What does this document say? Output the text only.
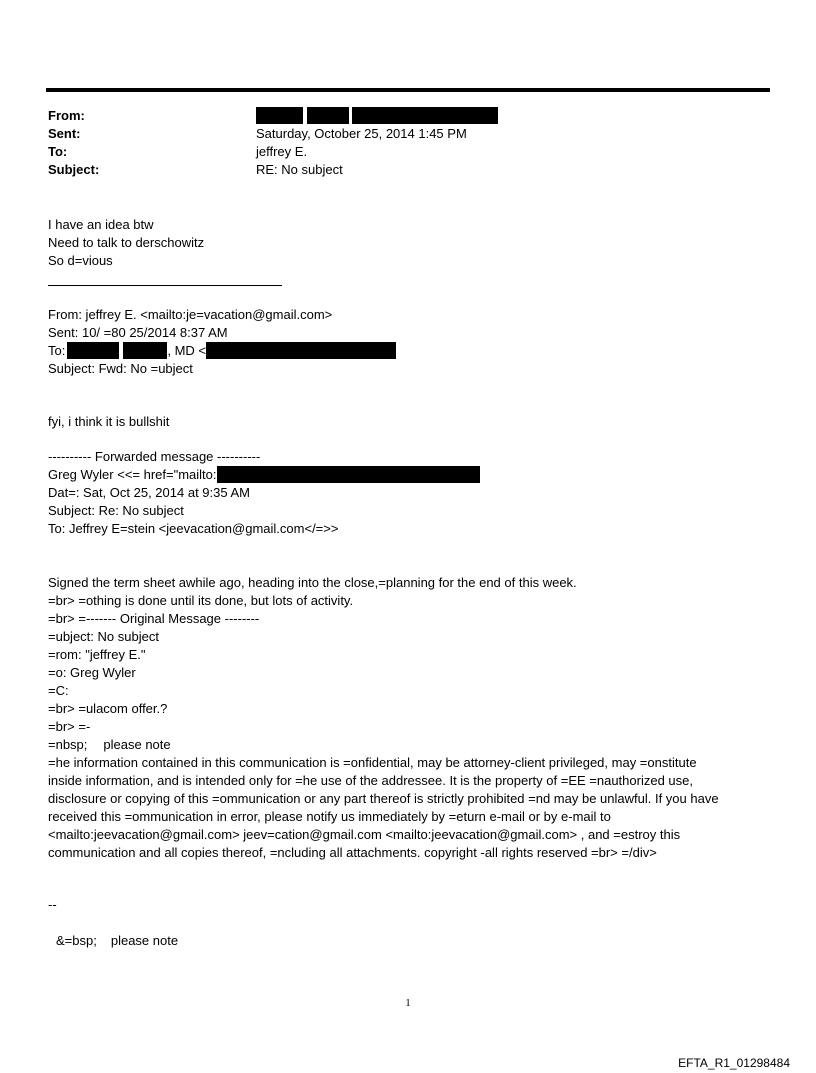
From:

Sent:	Saturday, October 25, 2014 1:45 PM
To:	jeffrey E.
Subject:	RE: No subject
I have an idea btw
Need to talk to derschowitz
So d=vious
From: jeffrey E. <mailto:je=vacation@gmail.com>
Sent: 10/ =80 25/2014 8:37 AM
To:	, MD <
Subject: Fwd: No =ubject
fyi, i think it is bullshit
---------- Forwarded message ----------
Greg Wyler <<= href="mailto:
Dat=: Sat, Oct 25, 2014 at 9:35 AM
Subject: Re: No subject
To: Jeffrey E=stein <jeevacation@gmail.com</=>>
Signed the term sheet awhile ago, heading into the close,=planning for the end of this week.
=br> =othing is done until its done, but lots of activity.
=br> =------- Original Message --------
=ubject: No subject
=rom: "jeffrey E."
=o: Greg Wyler
=C:
=br> =ulacom offer.?
=br> =-
=nbsp; please note
=he information contained in this communication is =onfidential, may be attorney-client privileged, may =onstitute
inside information, and is intended only for =he use of the addressee. It is the property of =EE =nauthorized use,
disclosure or copying of this =ommunication or any part thereof is strictly prohibited =nd may be unlawful. If you have
received this =ommunication in error, please notify us immediately by =eturn e-mail or by e-mail to
<mailto:jeevacation@gmail.com> jeev=cation@gmail.com <mailto:jeevacation@gmail.com> , and =estroy this
communication and all copies thereof, =ncluding all attachments. copyright -all rights reserved =br> =/div>
--
&=bsp; please note
1
EFTA_R1_01298484
